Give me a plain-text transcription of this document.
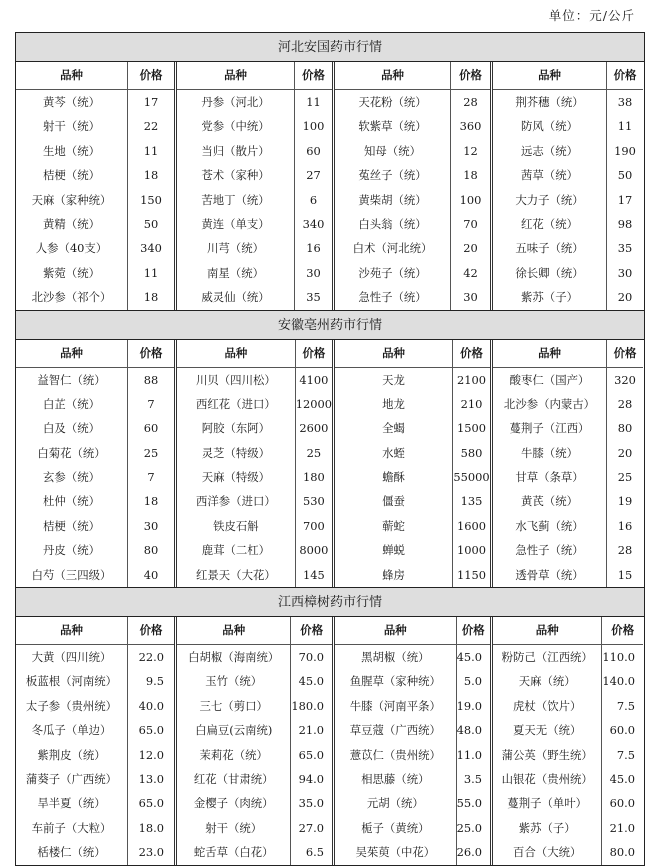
单位：元/公斤
河北安国药市行情
品种
黄芩（统）
射干（统）
生地（统）
桔梗（统）
天麻（家种统）
黄精（统）
人参（40支）
紫菀（统）
北沙参（祁个）
价格
17
22
11
18
150
50
340
11
18
品种
丹参（河北）
党参（中统）
当归（散片）
苍术（家种）
苦地丁（统）
黄连（单支）
川芎（统）
南星（统）
威灵仙（统）
价格
11
100
60
27
6
340
16
30
35
品种
天花粉（统）
软紫草（统）
知母（统）
菟丝子（统）
黄柴胡（统）
白头翁（统）
白术（河北统）
沙苑子（统）
急性子（统）
价格
28
360
12
18
100
70
20
42
30
品种
荆芥穗（统）
防风（统）
远志（统）
茜草（统）
大力子（统）
红花（统）
五味子（统）
徐长卿（统）
紫苏（子）
价格
38
11
190
50
17
98
35
30
20
安徽亳州药市行情
品种
益智仁（统）
白芷（统）
白及（统）
白菊花（统）
玄参（统）
杜仲（统）
桔梗（统）
丹皮（统）
白芍（三四级）
价格
88
7
60
25
7
18
30
80
40
品种
川贝（四川松）
西红花（进口）
阿胶（东阿）
灵芝（特级）
天麻（特级）
西洋参（进口）
铁皮石斛
鹿茸（二杠）
红景天（大花）
价格
4100
12000
2600
25
180
530
700
8000
145
品种
天龙
地龙
全蝎
水蛭
蟾酥
僵蚕
蕲蛇
蝉蜕
蜂房
价格
2100
210
1500
580
55000
135
1600
1000
1150
品种
酸枣仁（国产）
北沙参（内蒙古）
蔓荆子（江西）
牛膝（统）
甘草（条草）
黄芪（统）
水飞蓟（统）
急性子（统）
透骨草（统）
价格
320
28
80
20
25
19
16
28
15
江西樟树药市行情
品种
大黄（四川统）
板蓝根（河南统）
太子参（贵州统）
冬瓜子（单边）
紫荆皮（统）
蒲葵子（广西统）
旱半夏（统）
车前子（大粒）
栝楼仁（统）
价格
22.0
9.5
40.0
65.0
12.0
13.0
65.0
18.0
23.0
品种
白胡椒（海南统）
玉竹（统）
三七（剪口）
白扁豆(云南统)
茉莉花（统）
红花（甘肃统）
金樱子（肉统）
射干（统）
蛇舌草（白花）
价格
70.0
45.0
180.0
21.0
65.0
94.0
35.0
27.0
6.5
品种
黑胡椒（统）
鱼腥草（家种统）
牛膝（河南平条）
草豆蔻（广西统）
薏苡仁（贵州统）
相思藤（统）
元胡（统）
栀子（黄统）
吴茱萸（中花）
价格
45.0
5.0
19.0
48.0
11.0
3.5
55.0
25.0
26.0
品种
粉防己（江西统）
天麻（统）
虎杖（饮片）
夏天无（统）
蒲公英（野生统）
山银花（贵州统）
蔓荆子（单叶）
紫苏（子）
百合（大统）
价格
110.0
140.0
7.5
60.0
7.5
45.0
60.0
21.0
80.0
